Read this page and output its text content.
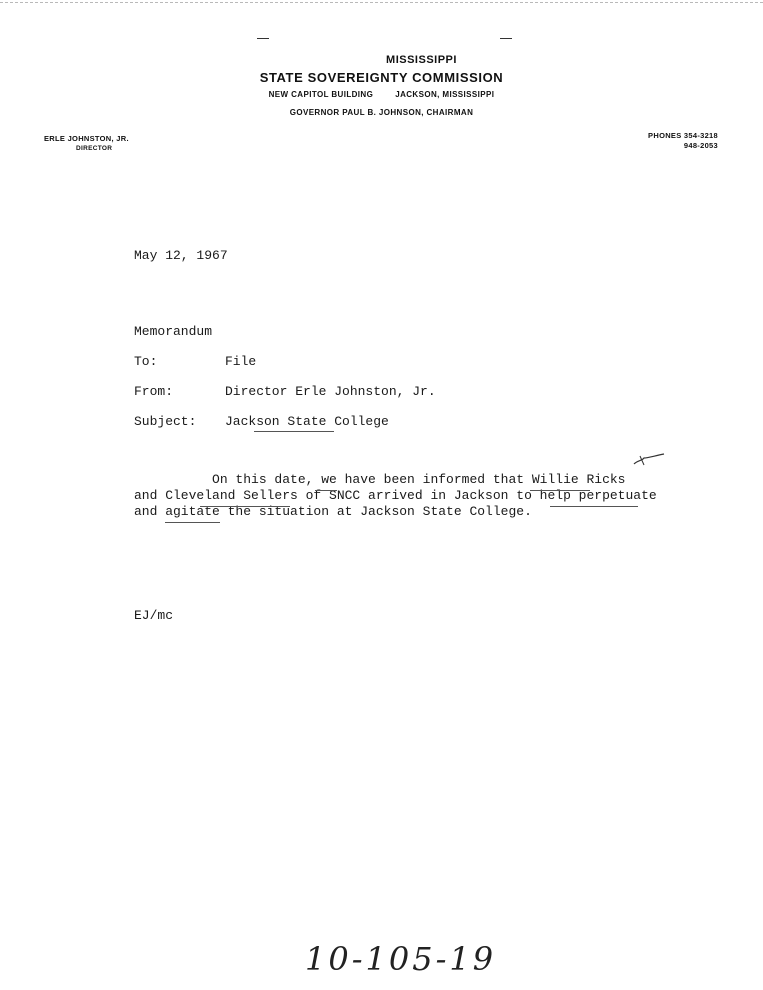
MISSISSIPPI
STATE SOVEREIGNTY COMMISSION
NEW CAPITOL BUILDING	JACKSON, MISSISSIPPI
GOVERNOR PAUL B. JOHNSON, CHAIRMAN
ERLE JOHNSTON, JR.
DIRECTOR
PHONES 354-3218
948-2053
May 12, 1967
Memorandum
To:	File
From:	Director Erle Johnston, Jr.
Subject: Jackson State College
On this date, we have been informed that Willie Ricks
and Cleveland Sellers of SNCC arrived in Jackson to help perpetuate
and agitate the situation at Jackson State College.
EJ/mc
10-105-19
